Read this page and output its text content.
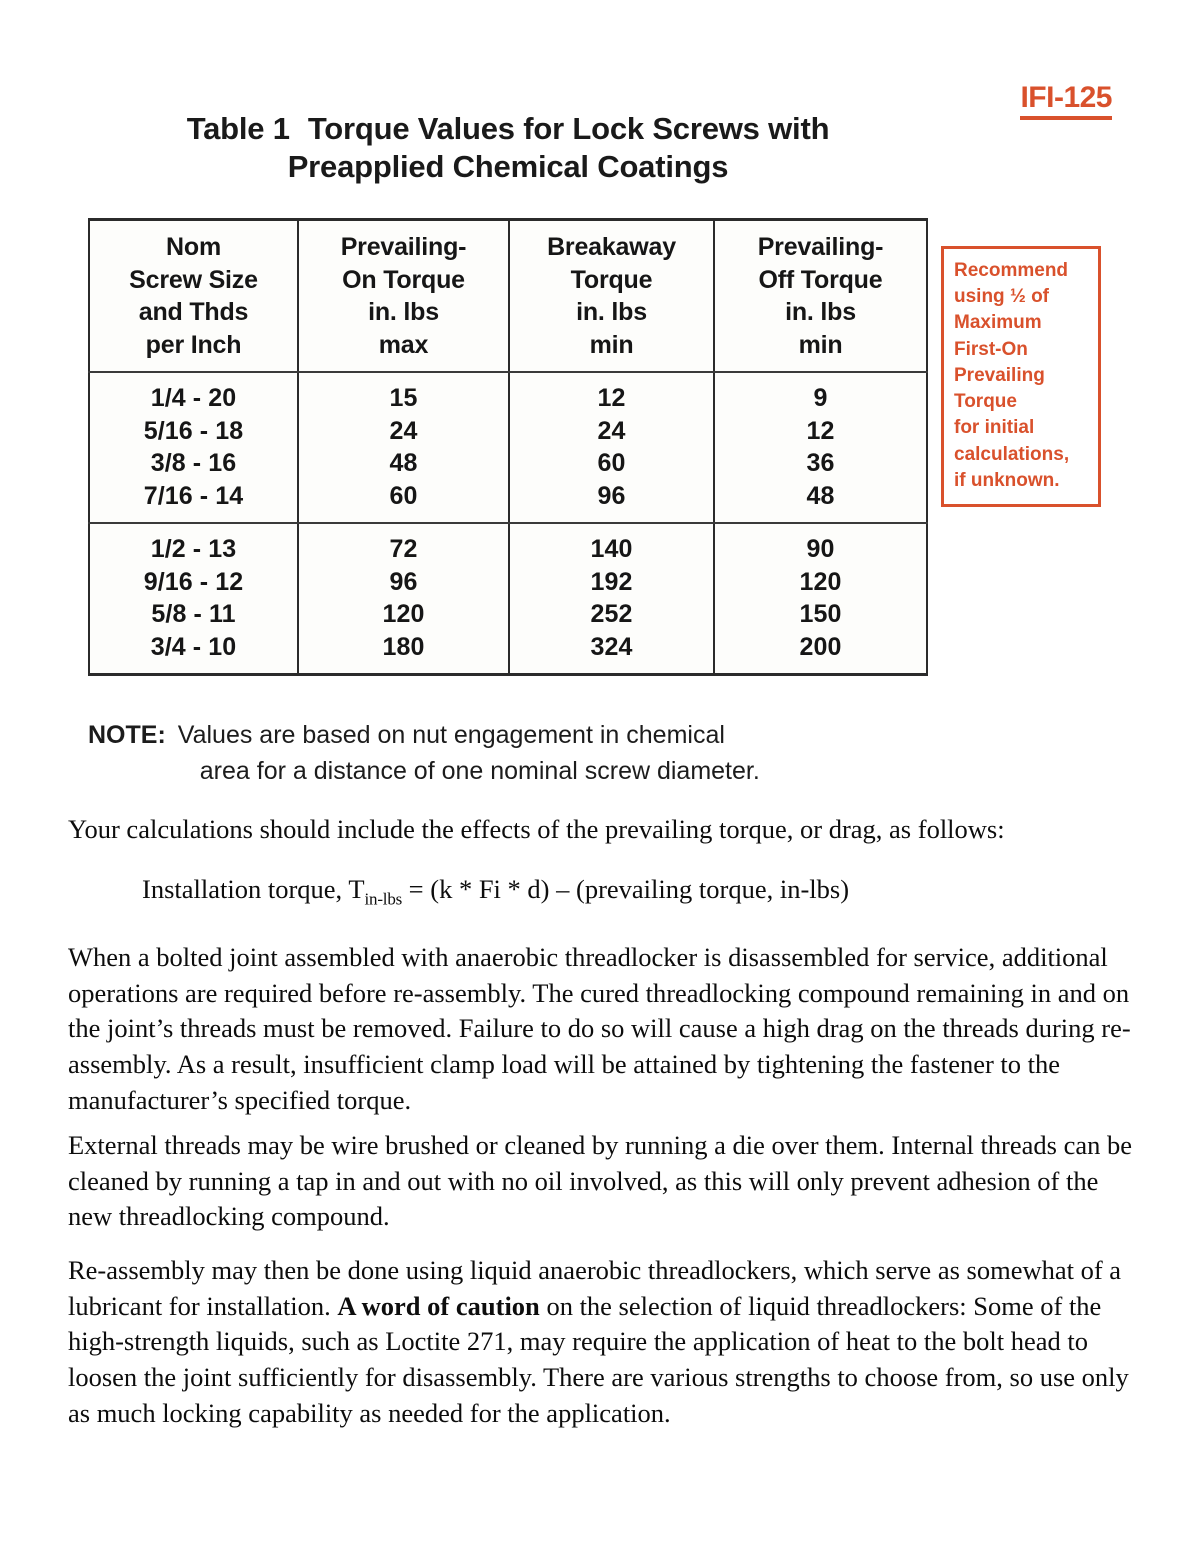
IFI-125
Table 1 Torque Values for Lock Screws with
Preapplied Chemical Coatings
Nom
Screw Size
and Thds
per Inch	Prevailing-
On Torque
in. lbs
max	Breakaway
Torque
in. lbs
min	Prevailing-
Off Torque
in. lbs
min

1/4 - 20
5/16 - 18
3/8 - 16
7/16 - 14	15
24
48
60	12
24
60
96	9
12
36
48

1/2 - 13
9/16 - 12
5/8 - 11
3/4 - 10	72
96
120
180	140
192
252
324	90
120
150
200
Recommend
using ½ of
Maximum
First-On
Prevailing
Torque
for initial
calculations,
if unknown.
NOTE: Values are based on nut engagement in chemical
area for a distance of one nominal screw diameter.

Your calculations should include the effects of the prevailing torque, or drag, as follows:

Installation torque, $T_{in-lbs} = (k * Fi * d)$ – (prevailing torque, in-lbs)

When a bolted joint assembled with anaerobic threadlocker is disassembled for service, additional operations are required before re-assembly. The cured threadlocking compound remaining in and on the joint’s threads must be removed. Failure to do so will cause a high drag on the threads during re-assembly. As a result, insufficient clamp load will be attained by tightening the fastener to the manufacturer’s specified torque.

External threads may be wire brushed or cleaned by running a die over them. Internal threads can be cleaned by running a tap in and out with no oil involved, as this will only prevent adhesion of the new threadlocking compound.

Re-assembly may then be done using liquid anaerobic threadlockers, which serve as somewhat of a lubricant for installation. A word of caution on the selection of liquid threadlockers: Some of the high-strength liquids, such as Loctite 271, may require the application of heat to the bolt head to loosen the joint sufficiently for disassembly. There are various strengths to choose from, so use only as much locking capability as needed for the application.
